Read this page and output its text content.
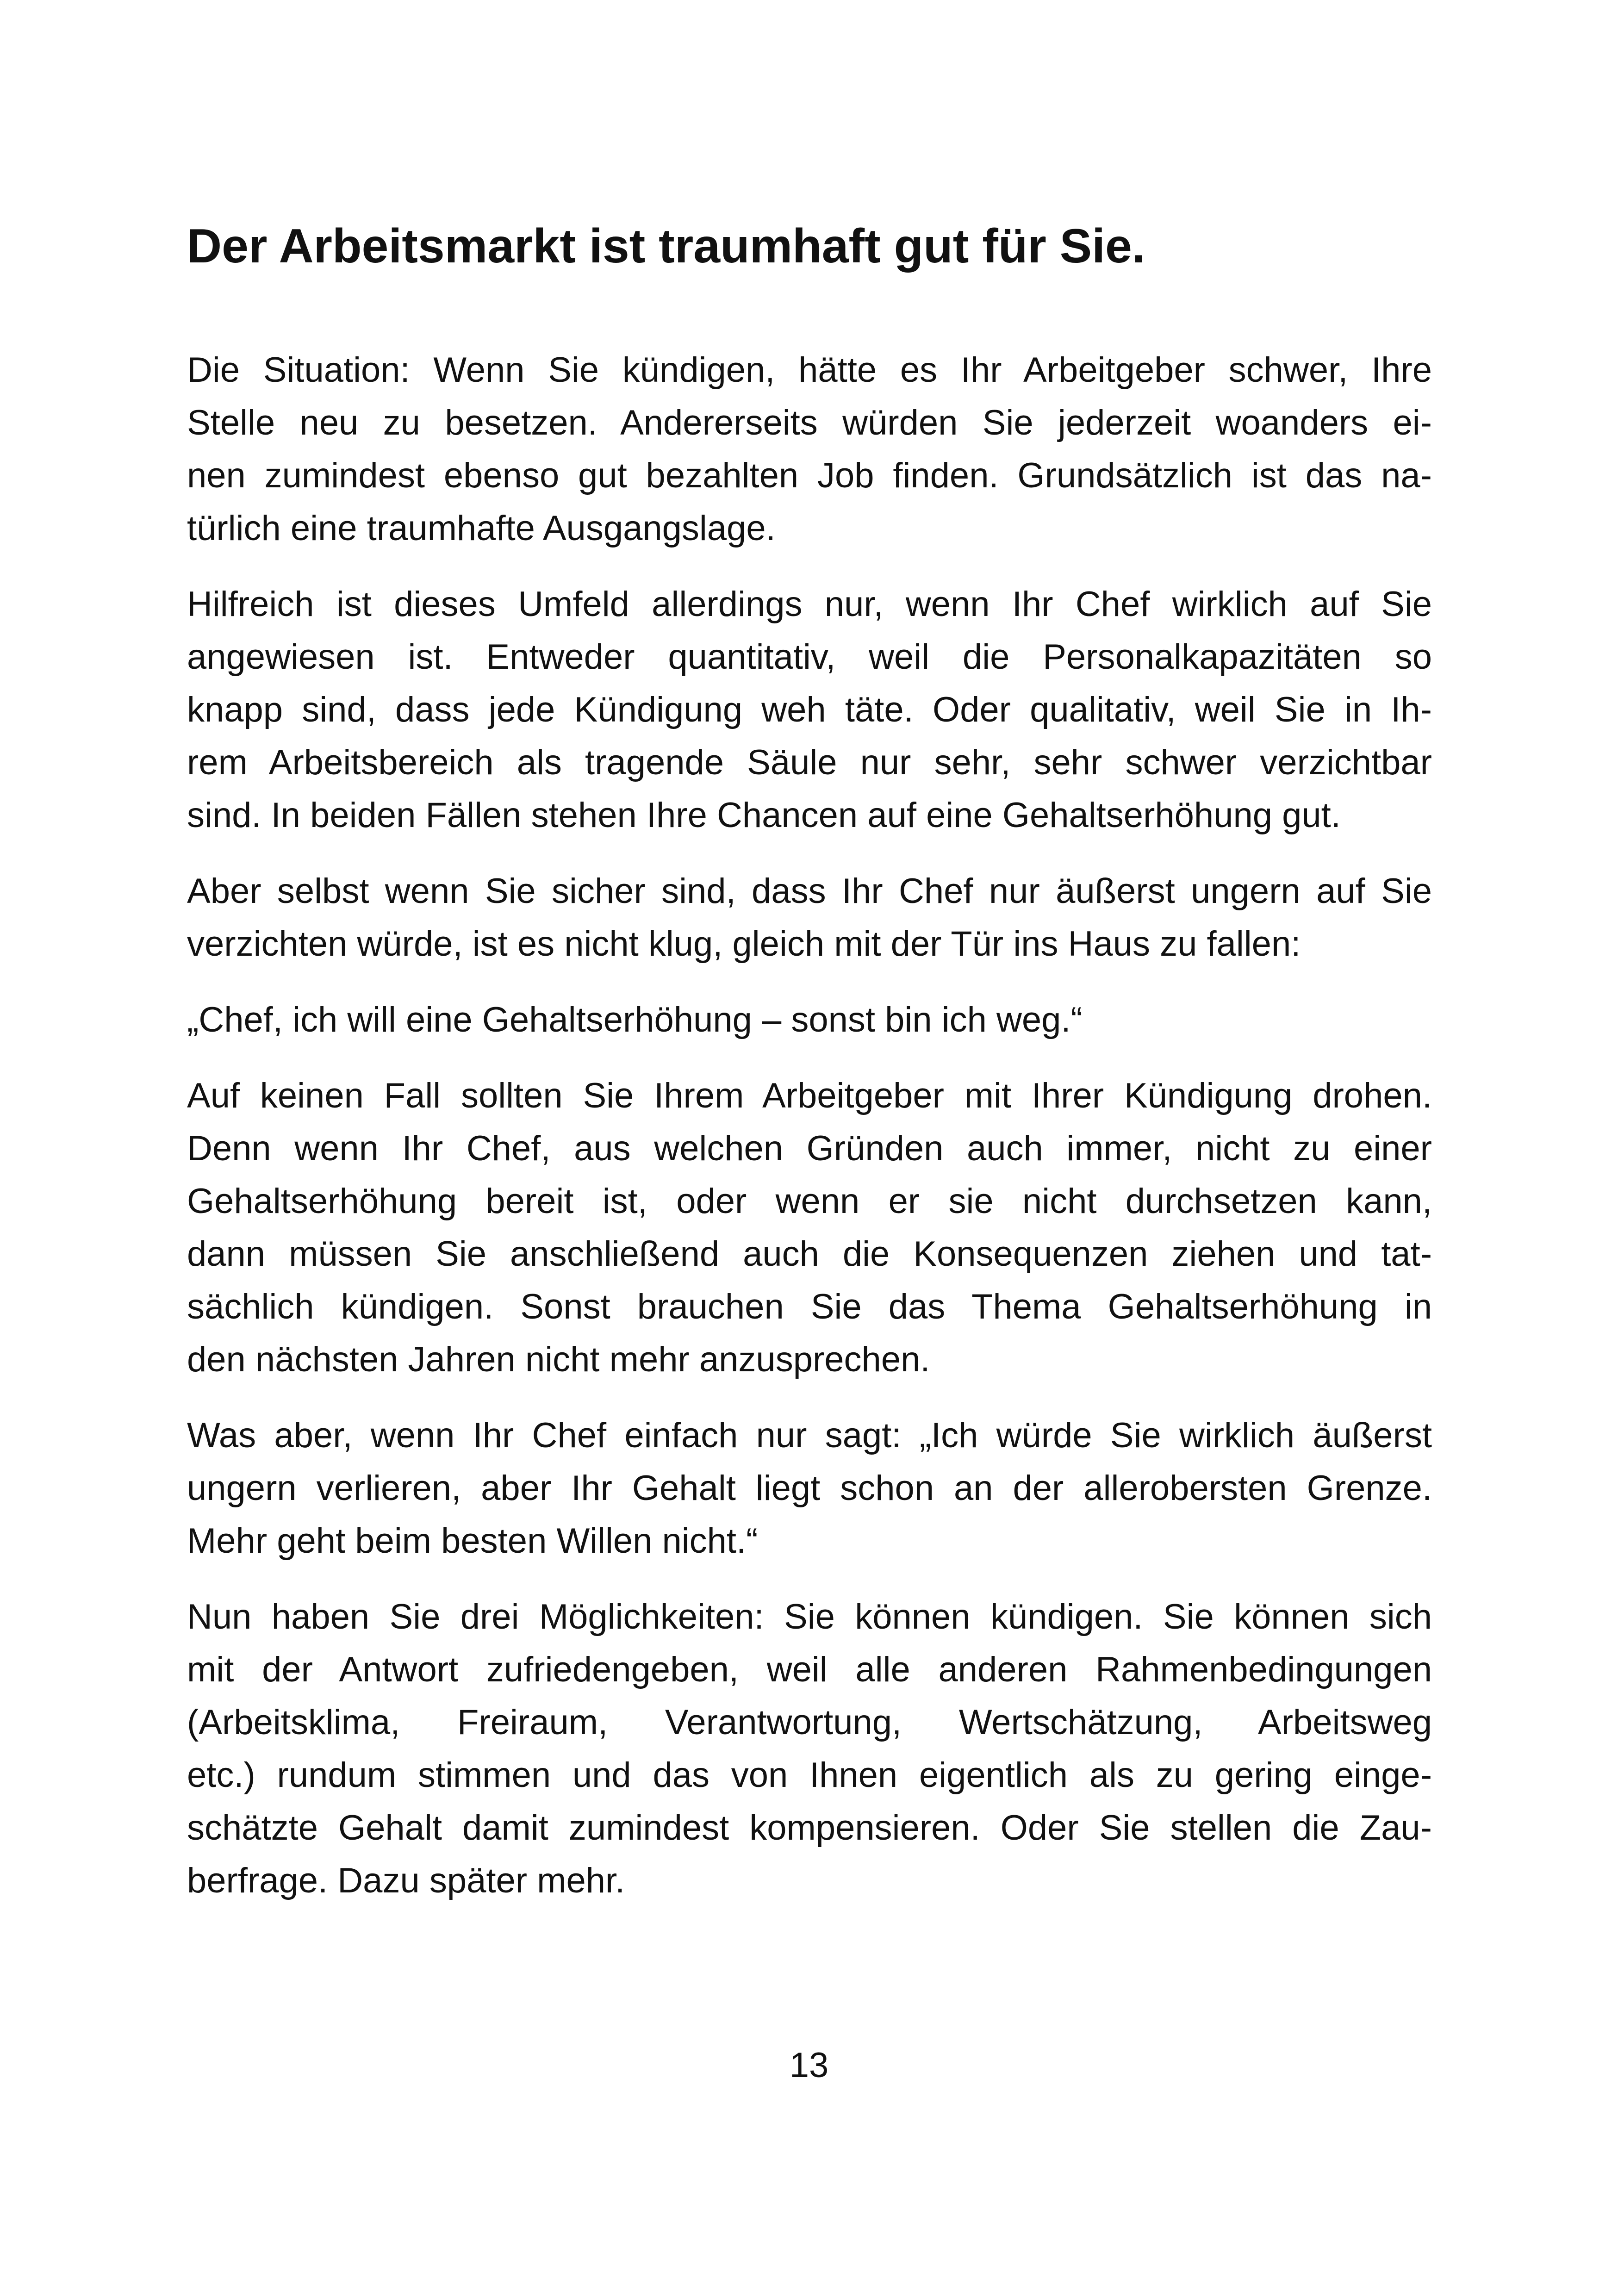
Der Arbeitsmarkt ist traumhaft gut für Sie.

Die Situation: Wenn Sie kündigen, hätte es Ihr Arbeitgeber schwer, Ihre
Stelle neu zu besetzen. Andererseits würden Sie jederzeit woanders ei-
nen zumindest ebenso gut bezahlten Job finden. Grundsätzlich ist das na-
türlich eine traumhafte Ausgangslage.

Hilfreich ist dieses Umfeld allerdings nur, wenn Ihr Chef wirklich auf Sie
angewiesen ist. Entweder quantitativ, weil die Personalkapazitäten so
knapp sind, dass jede Kündigung weh täte. Oder qualitativ, weil Sie in Ih-
rem Arbeitsbereich als tragende Säule nur sehr, sehr schwer verzichtbar
sind. In beiden Fällen stehen Ihre Chancen auf eine Gehaltserhöhung gut.

Aber selbst wenn Sie sicher sind, dass Ihr Chef nur äußerst ungern auf Sie
verzichten würde, ist es nicht klug, gleich mit der Tür ins Haus zu fallen:

„Chef, ich will eine Gehaltserhöhung – sonst bin ich weg.“

Auf keinen Fall sollten Sie Ihrem Arbeitgeber mit Ihrer Kündigung drohen.
Denn wenn Ihr Chef, aus welchen Gründen auch immer, nicht zu einer
Gehaltserhöhung bereit ist, oder wenn er sie nicht durchsetzen kann,
dann müssen Sie anschließend auch die Konsequenzen ziehen und tat-
sächlich kündigen. Sonst brauchen Sie das Thema Gehaltserhöhung in
den nächsten Jahren nicht mehr anzusprechen.

Was aber, wenn Ihr Chef einfach nur sagt: „Ich würde Sie wirklich äußerst
ungern verlieren, aber Ihr Gehalt liegt schon an der allerobersten Grenze.
Mehr geht beim besten Willen nicht.“

Nun haben Sie drei Möglichkeiten: Sie können kündigen. Sie können sich
mit der Antwort zufriedengeben, weil alle anderen Rahmenbedingungen
(Arbeitsklima, Freiraum, Verantwortung, Wertschätzung, Arbeitsweg
etc.) rundum stimmen und das von Ihnen eigentlich als zu gering einge-
schätzte Gehalt damit zumindest kompensieren. Oder Sie stellen die Zau-
berfrage. Dazu später mehr.

13
